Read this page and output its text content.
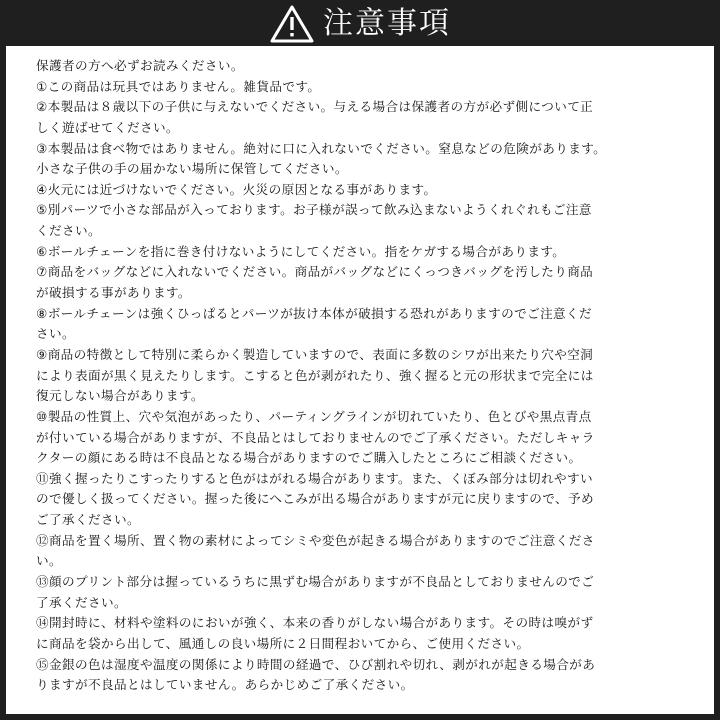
注意事項
保護者の方へ必ずお読みください。
①この商品は玩具ではありません。雑貨品です。
②本製品は８歳以下の子供に与えないでください。与える場合は保護者の方が必ず側について正
しく遊ばせてください。
③本製品は食べ物ではありません。絶対に口に入れないでください。窒息などの危険があります。
小さな子供の手の届かない場所に保管してください。
④火元には近づけないでください。火災の原因となる事があります。
⑤別パーツで小さな部品が入っております。お子様が誤って飲み込まないようくれぐれもご注意
ください。
⑥ボールチェーンを指に巻き付けないようにしてください。指をケガする場合があります。
⑦商品をバッグなどに入れないでください。商品がバッグなどにくっつきバッグを汚したり商品
が破損する事があります。
⑧ボールチェーンは強くひっぱるとパーツが抜け本体が破損する恐れがありますのでご注意くだ
さい。
⑨商品の特徴として特別に柔らかく製造していますので、表面に多数のシワが出来たり穴や空洞
により表面が黒く見えたりします。こすると色が剥がれたり、強く握ると元の形状まで完全には
復元しない場合があります。
⑩製品の性質上、穴や気泡があったり、パーティングラインが切れていたり、色とびや黒点青点
が付いている場合がありますが、不良品とはしておりませんのでご了承ください。ただしキャラ
クターの顔にある時は不良品となる場合がありますのでご購入したところにご相談ください。
⑪強く握ったりこすったりすると色がはがれる場合があります。また、くぼみ部分は切れやすい
ので優しく扱ってください。握った後にへこみが出る場合がありますが元に戻りますので、予め
ご了承ください。
⑫商品を置く場所、置く物の素材によってシミや変色が起きる場合がありますのでご注意くださ
い。
⑬顔のプリント部分は握っているうちに黒ずむ場合がありますが不良品としておりませんのでご
了承ください。
⑭開封時に、材料や塗料のにおいが強く、本来の香りがしない場合があります。その時は嗅がず
に商品を袋から出して、風通しの良い場所に２日間程おいてから、ご使用ください。
⑮金銀の色は湿度や温度の関係により時間の経過で、ひび割れや切れ、剥がれが起きる場合があ
りますが不良品とはしていません。あらかじめご了承ください。
